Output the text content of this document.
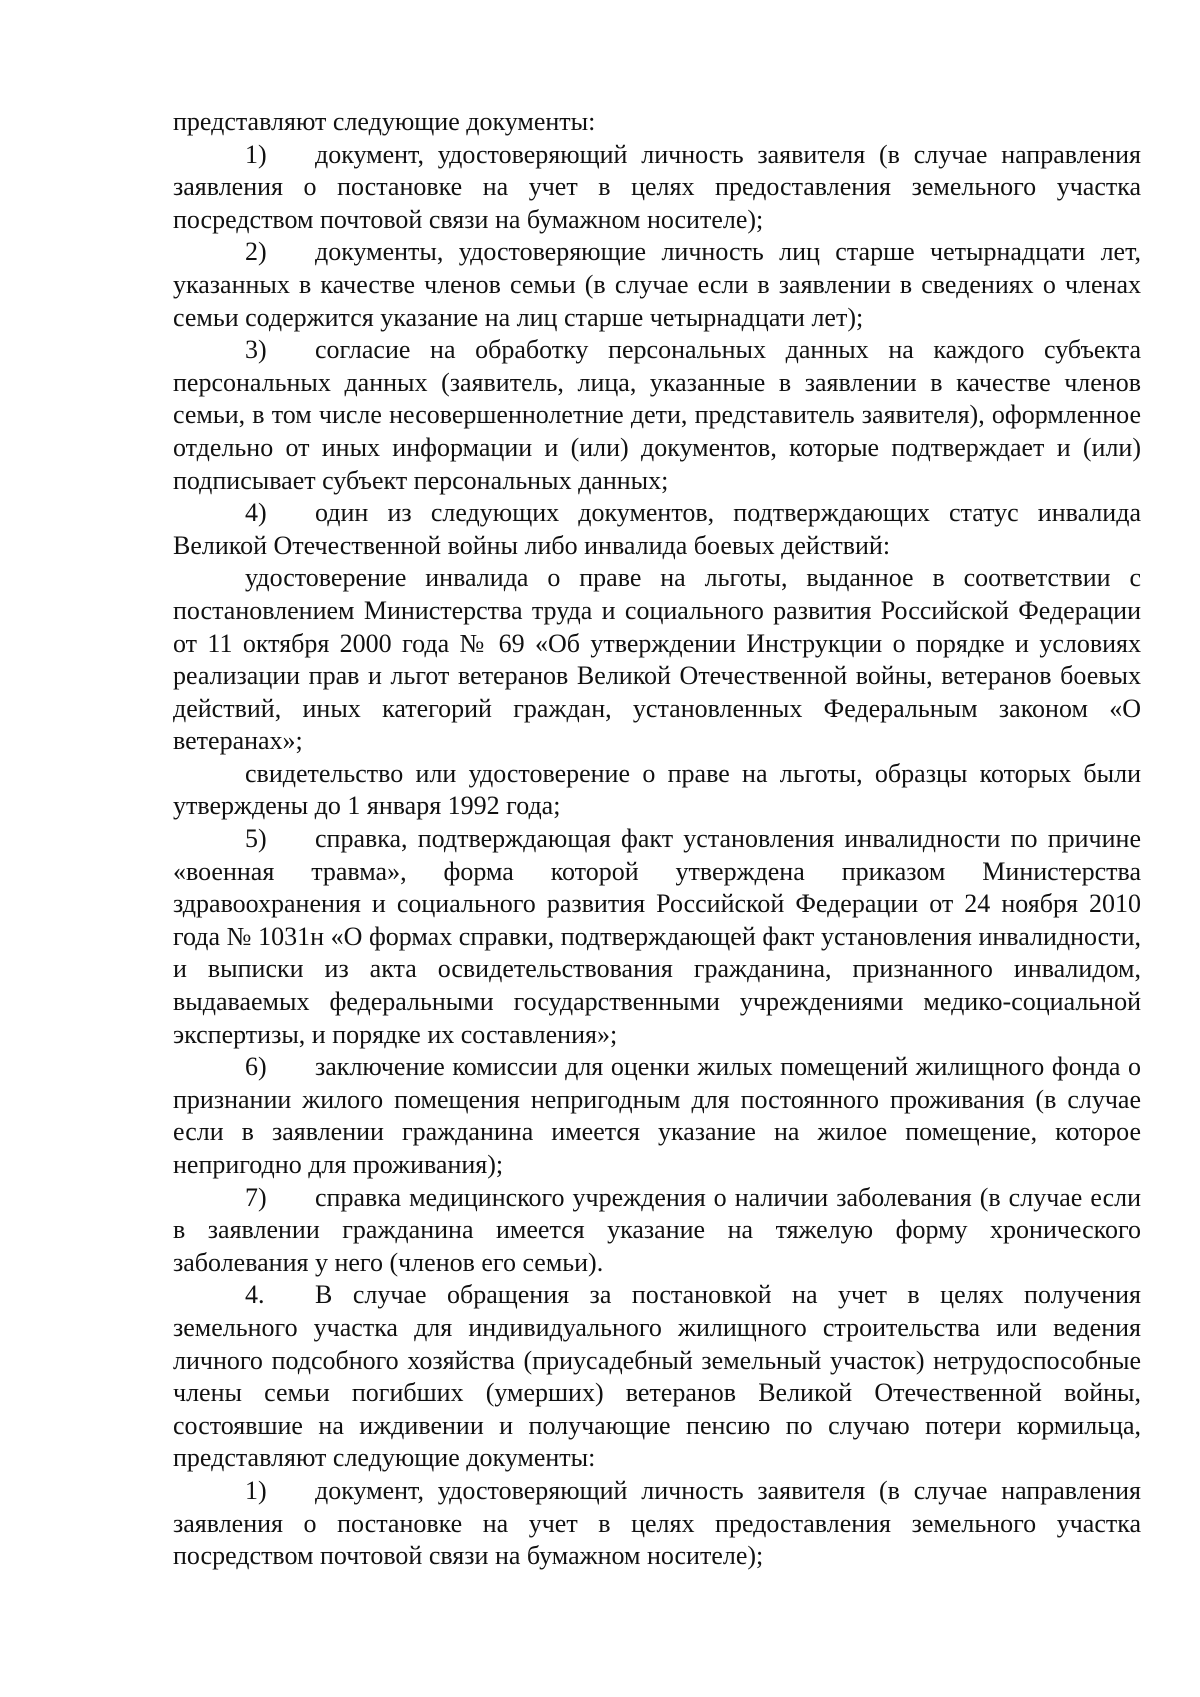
представляют следующие документы:

1) документ, удостоверяющий личность заявителя (в случае направления заявления о постановке на учет в целях предоставления земельного участка посредством почтовой связи на бумажном носителе);

2) документы, удостоверяющие личность лиц старше четырнадцати лет, указанных в качестве членов семьи (в случае если в заявлении в сведениях о членах семьи содержится указание на лиц старше четырнадцати лет);

3) согласие на обработку персональных данных на каждого субъекта персональных данных (заявитель, лица, указанные в заявлении в качестве членов семьи, в том числе несовершеннолетние дети, представитель заявителя), оформленное отдельно от иных информации и (или) документов, которые подтверждает и (или) подписывает субъект персональных данных;

4) один из следующих документов, подтверждающих статус инвалида Великой Отечественной войны либо инвалида боевых действий:

удостоверение инвалида о праве на льготы, выданное в соответствии с постановлением Министерства труда и социального развития Российской Федерации от 11 октября 2000 года № 69 «Об утверждении Инструкции о порядке и условиях реализации прав и льгот ветеранов Великой Отечественной войны, ветеранов боевых действий, иных категорий граждан, установленных Федеральным законом «О ветеранах»;

свидетельство или удостоверение о праве на льготы, образцы которых были утверждены до 1 января 1992 года;

5) справка, подтверждающая факт установления инвалидности по причине «военная травма», форма которой утверждена приказом Министерства здравоохранения и социального развития Российской Федерации от 24 ноября 2010 года № 1031н «О формах справки, подтверждающей факт установления инвалидности, и выписки из акта освидетельствования гражданина, признанного инвалидом, выдаваемых федеральными государственными учреждениями медико-социальной экспертизы, и порядке их составления»;

6) заключение комиссии для оценки жилых помещений жилищного фонда о признании жилого помещения непригодным для постоянного проживания (в случае если в заявлении гражданина имеется указание на жилое помещение, которое непригодно для проживания);

7) справка медицинского учреждения о наличии заболевания (в случае если в заявлении гражданина имеется указание на тяжелую форму хронического заболевания у него (членов его семьи).

4. В случае обращения за постановкой на учет в целях получения земельного участка для индивидуального жилищного строительства или ведения личного подсобного хозяйства (приусадебный земельный участок) нетрудоспособные члены семьи погибших (умерших) ветеранов Великой Отечественной войны, состоявшие на иждивении и получающие пенсию по случаю потери кормильца, представляют следующие документы:

1) документ, удостоверяющий личность заявителя (в случае направления заявления о постановке на учет в целях предоставления земельного участка посредством почтовой связи на бумажном носителе);
